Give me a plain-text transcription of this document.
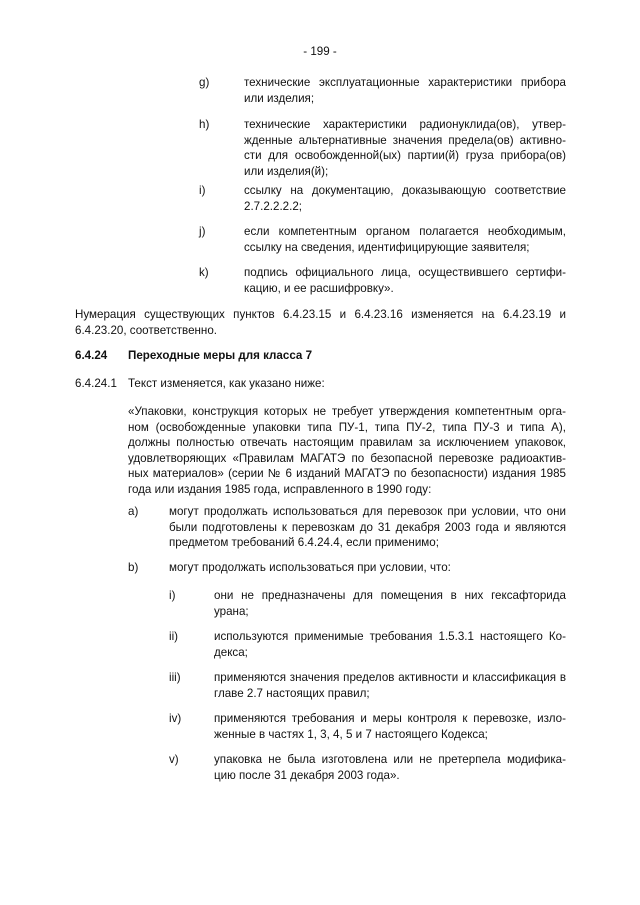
- 199 -
g)	технические эксплуатационные характеристики прибора или изделия;
h)	технические характеристики радионуклида(ов), утвер-жденные альтернативные значения предела(ов) активно-сти для освобожденной(ых) партии(й) груза прибора(ов) или изделия(й);
i)	ссылку на документацию, доказывающую соответствие 2.7.2.2.2.2;
j)	если компетентным органом полагается необходимым, ссылку на сведения, идентифицирующие заявителя;
k)	подпись официального лица, осуществившего сертифи-кацию, и ее расшифровку».
Нумерация существующих пунктов 6.4.23.15 и 6.4.23.16 изменяется на 6.4.23.19 и 6.4.23.20, соответственно.
6.4.24 Переходные меры для класса 7
6.4.24.1 Текст изменяется, как указано ниже:
«Упаковки, конструкция которых не требует утверждения компетентным орга-ном (освобожденные упаковки типа ПУ-1, типа ПУ-2, типа ПУ-3 и типа А), должны полностью отвечать настоящим правилам за исключением упаковок, удовлетворяющих «Правилам МАГАТЭ по безопасной перевозке радиоактив-ных материалов» (серии № 6 изданий МАГАТЭ по безопасности) издания 1985 года или издания 1985 года, исправленного в 1990 году:
a)	могут продолжать использоваться для перевозок при условии, что они были подготовлены к перевозкам до 31 декабря 2003 года и являются предметом требований 6.4.24.4, если применимо;
b)	могут продолжать использоваться при условии, что:
i)	они не предназначены для помещения в них гексафторида урана;
ii)	используются применимые требования 1.5.3.1 настоящего Ко-декса;
iii)	применяются значения пределов активности и классификация в главе 2.7 настоящих правил;
iv)	применяются требования и меры контроля к перевозке, изло-женные в частях 1, 3, 4, 5 и 7 настоящего Кодекса;
v)	упаковка не была изготовлена или не претерпела модифика-цию после 31 декабря 2003 года».
